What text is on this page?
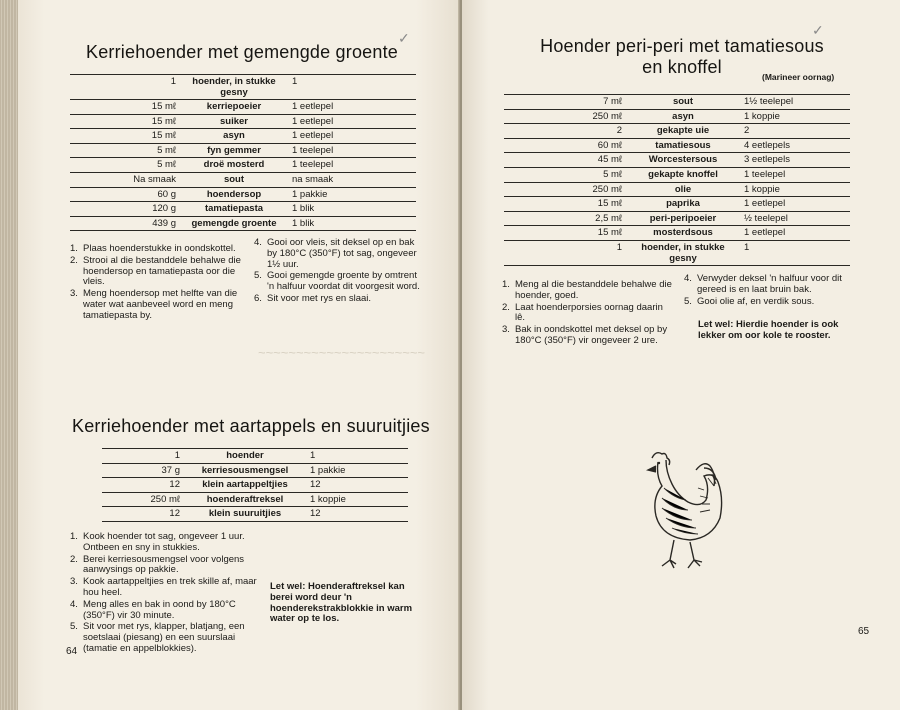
Kerriehoender met gemengde groente
✓
1	hoender, in stukke gesny	1
15 mℓ	kerriepoeier	1 eetlepel
15 mℓ	suiker	1 eetlepel
15 mℓ	asyn	1 eetlepel
5 mℓ	fyn gemmer	1 teelepel
5 mℓ	droë mosterd	1 teelepel
Na smaak	sout	na smaak
60 g	hoendersop	1 pakkie
120 g	tamatiepasta	1 blik
439 g	gemengde groente	1 blik
1. Plaas hoenderstukke in oondskottel.
2. Strooi al die bestanddele behalwe die hoendersop en tamatiepasta oor die vleis.
3. Meng hoendersop met helfte van die water wat aanbeveel word en meng tamatiepasta by.
4. Gooi oor vleis, sit deksel op en bak by 180°C (350°F) tot sag, ongeveer 1½ uur.
5. Gooi gemengde groente by omtrent 'n halfuur voordat dit voorgesit word.
6. Sit voor met rys en slaai.
~~~~~~~~~~~~~~~~~~~~~~
Kerriehoender met aartappels en suuruitjies
1	hoender	1
37 g	kerriesousmengsel	1 pakkie
12	klein aartappeltjies	12
250 mℓ	hoenderaftreksel	1 koppie
12	klein suuruitjies	12
1. Kook hoender tot sag, ongeveer 1 uur. Ontbeen en sny in stukkies.
2. Berei kerriesousmengsel voor volgens aanwysings op pakkie.
3. Kook aartappeltjies en trek skille af, maar hou heel.
4. Meng alles en bak in oond by 180°C (350°F) vir 30 minute.
5. Sit voor met rys, klapper, blatjang, een soetslaai (piesang) en een suurslaai (tamatie en appelblokkies).
Let wel: Hoenderaftreksel kan berei word deur 'n hoenderekstrakblokkie in warm water op te los.
64
Hoender peri-peri met tamatiesous
en knoffel
✓
(Marineer oornag)
7 mℓ	sout	1½ teelepel
250 mℓ	asyn	1 koppie
2	gekapte uie	2
60 mℓ	tamatiesous	4 eetlepels
45 mℓ	Worcestersous	3 eetlepels
5 mℓ	gekapte knoffel	1 teelepel
250 mℓ	olie	1 koppie
15 mℓ	paprika	1 eetlepel
2,5 mℓ	peri-peripoeier	½ teelepel
15 mℓ	mosterdsous	1 eetlepel
1	hoender, in stukke gesny	1
1. Meng al die bestanddele behalwe die hoender, goed.
2. Laat hoenderporsies oornag daarin lê.
3. Bak in oondskottel met deksel op by 180°C (350°F) vir ongeveer 2 ure.
4. Verwyder deksel 'n halfuur voor dit gereed is en laat bruin bak.
5. Gooi olie af, en verdik sous.
Let wel: Hierdie hoender is ook lekker om oor kole te rooster.
65
